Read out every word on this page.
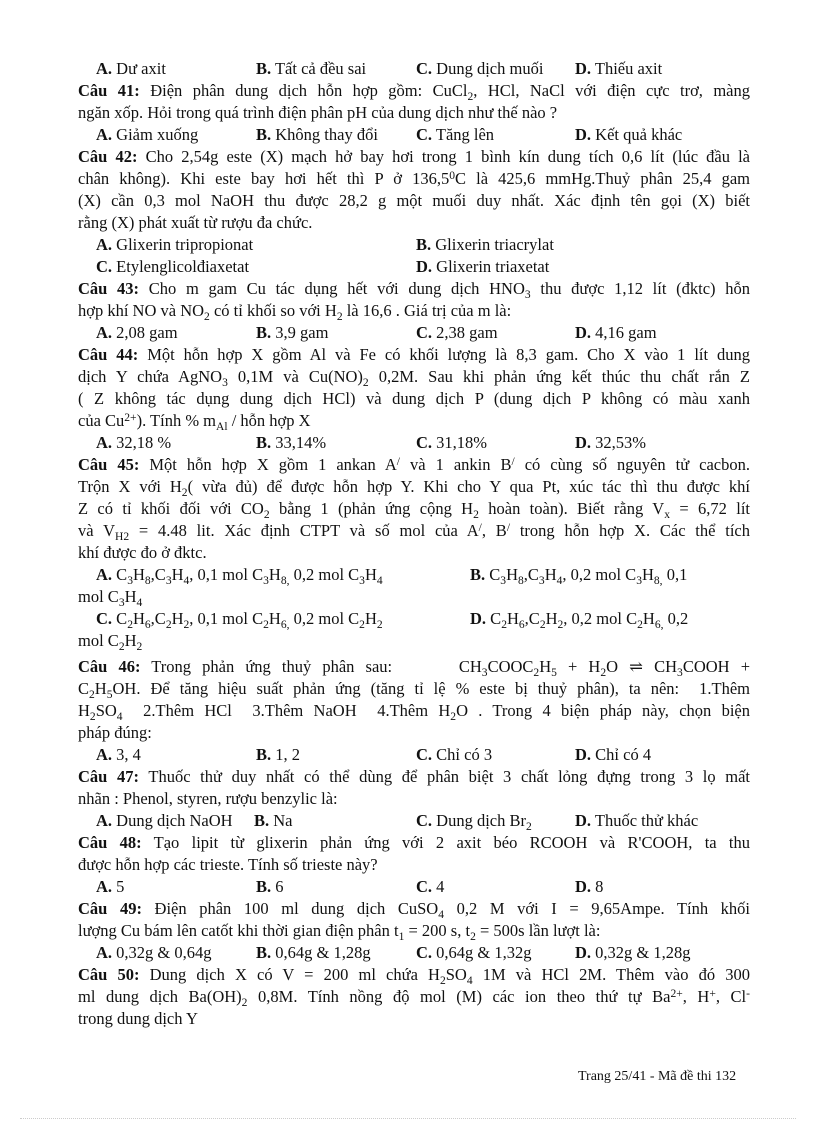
A. Dư axit	B. Tất cả đều sai	C. Dung dịch muối D. Thiếu axit
Câu 41: Điện phân dung dịch hỗn hợp gồm: CuCl$_2$, HCl, NaCl với điện cực trơ, màng
ngăn xốp. Hỏi trong quá trình điện phân pH của dung dịch như thế nào ?
A. Giảm xuống	B. Không thay đổi C. Tăng lên	D. Kết quả khác
Câu 42: Cho 2,54g este (X) mạch hở bay hơi trong 1 bình kín dung tích 0,6 lít (lúc đầu là
chân không). Khi este bay hơi hết thì P ở 136,5$^0$C là 425,6 mmHg.Thuỷ phân 25,4 gam
(X) cần 0,3 mol NaOH thu được 28,2 g một muối duy nhất. Xác định tên gọi (X) biết
rằng (X) phát xuất từ rượu đa chức.
A. Glixerin tripropionat	B. Glixerin triacrylat
C. Etylenglicolđiaxetat	D. Glixerin triaxetat
Câu 43: Cho m gam Cu tác dụng hết với dung dịch $HNO_3$ thu được 1,12 lít (đktc) hỗn
hợp khí NO và $NO_2$ có tỉ khối so với $H_2$ là 16,6 . Giá trị của m là:
A. 2,08 gam	B. 3,9 gam	C. 2,38 gam	D. 4,16 gam
Câu 44: Một hỗn hợp X gồm Al và Fe có khối lượng là 8,3 gam. Cho X vào 1 lít dung
dịch Y chứa AgNO$_3$ 0,1M và $Cu(NO)_2$ 0,2M. Sau khi phản ứng kết thúc thu chất rắn Z
( Z không tác dụng dung dịch HCl) và dung dịch P (dung dịch P không có màu xanh
của $Cu^{2+}$). Tính % $m_{Al}$ / hỗn hợp X
A. 32,18 %	B. 33,14%	C. 31,18%	D. 32,53%
Câu 45: Một hỗn hợp X gồm 1 ankan A/ và 1 ankin B/ có cùng số nguyên tử cacbon.
Trộn X với $H_2$( vừa đủ) để được hỗn hợp Y. Khi cho Y qua Pt, xúc tác thì thu được khí
Z có tỉ khối đối với $CO_2$ bằng 1 (phản ứng cộng $H_2$ hoàn toàn). Biết rằng $V_x = 6,72$ lít
và $V_{H2} = 4.48$ lit. Xác định CTPT và số mol của A/, B/ trong hỗn hợp X. Các thể tích
khí được đo ở đktc.
A. $C_3H_8,C_3H_4$, 0,1 mol $C_3H_{8,}$ 0,2 mol $C_3H_4$	B. $C_3H_8,C_3H_4$, 0,2 mol $C_3H_{8,}$ 0,1
mol $C_3H_4$
C. $C_2H_6,C_2H_2$, 0,1 mol $C_2H_{6,}$ 0,2 mol $C_2H_2$	D. $C_2H_6,C_2H_2$, 0,2 mol $C_2H_{6,}$ 0,2
mol $C_2H_2$
Câu 46: Trong phản ứng thuỷ phân sau:      $CH_3COOC_2H_5 + H_2O$ ⇌ $CH_3COOH$ +
$C_2H_5OH$. Để tăng hiệu suất phản ứng (tăng tỉ lệ % este bị thuỷ phân), ta nên:  1.Thêm
$H_2SO_4$  2.Thêm HCl  3.Thêm NaOH  4.Thêm $H_2O$ . Trong 4 biện pháp này, chọn biện
pháp đúng:
A. 3, 4	B. 1, 2	C. Chỉ có 3	D. Chỉ có 4
Câu 47: Thuốc thử duy nhất có thể dùng để phân biệt 3 chất lỏng đựng trong 3 lọ mất
nhãn : Phenol, styren, rượu benzylic là:
A. Dung dịch NaOH B. Na	C. Dung dịch $Br_2$	D. Thuốc thử khác
Câu 48: Tạo lipit từ glixerin phản ứng với 2 axit béo RCOOH và R'COOH, ta thu
được hỗn hợp các trieste. Tính số trieste này?
A. 5	B. 6	C. 4	D. 8
Câu 49: Điện phân 100 ml dung dịch CuSO$_4$ 0,2 M với I = 9,65Ampe. Tính khối
lượng Cu bám lên catốt khi thời gian điện phân $t_1 = 200$ s, $t_2 = 500s$ lần lượt là:
A. 0,32g & 0,64g	B. 0,64g & 1,28g	C. 0,64g & 1,32g	D. 0,32g & 1,28g
Câu 50: Dung dịch X có V = 200 ml chứa $H_2SO_4$ 1M và HCl 2M. Thêm vào đó 300
ml dung dịch $Ba(OH)_2$ 0,8M. Tính nồng độ mol (M) các ion theo thứ tự $Ba^{2+}$, H+, Cl-
trong dung dịch Y
Trang 25/41 - Mã đề thi 132
